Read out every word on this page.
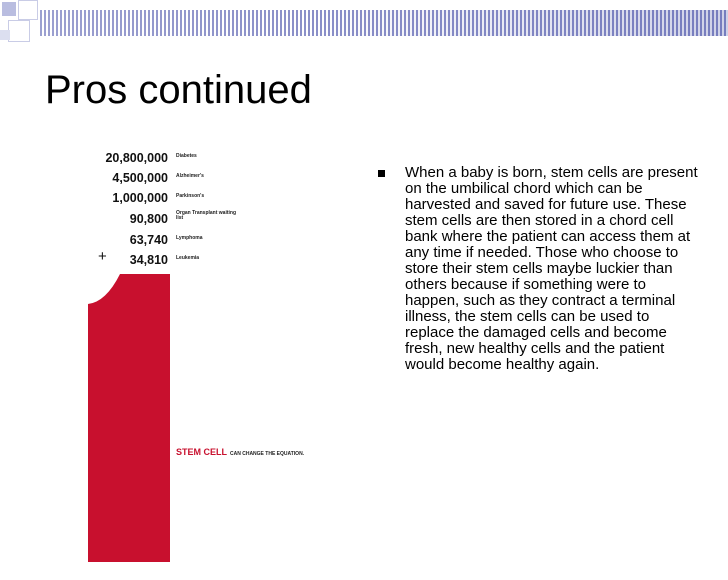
Pros continued
20,800,000 Diabetes
4,500,000 Alzheimer's
1,000,000 Parkinson's
90,800 Organ Transplant waiting list
63,740 Lymphoma
34,810 Leukemia
+
STEM CELL CAN CHANGE THE EQUATION.
When a baby is born, stem cells are present on the umbilical chord which can be harvested and saved for future use. These stem cells are then stored in a chord cell bank where the patient can access them at any time if needed. Those who choose to store their stem cells maybe luckier than others because if something were to happen, such as they contract a terminal illness, the stem cells can be used to replace the damaged cells and become fresh, new healthy cells and the patient would become healthy again.
